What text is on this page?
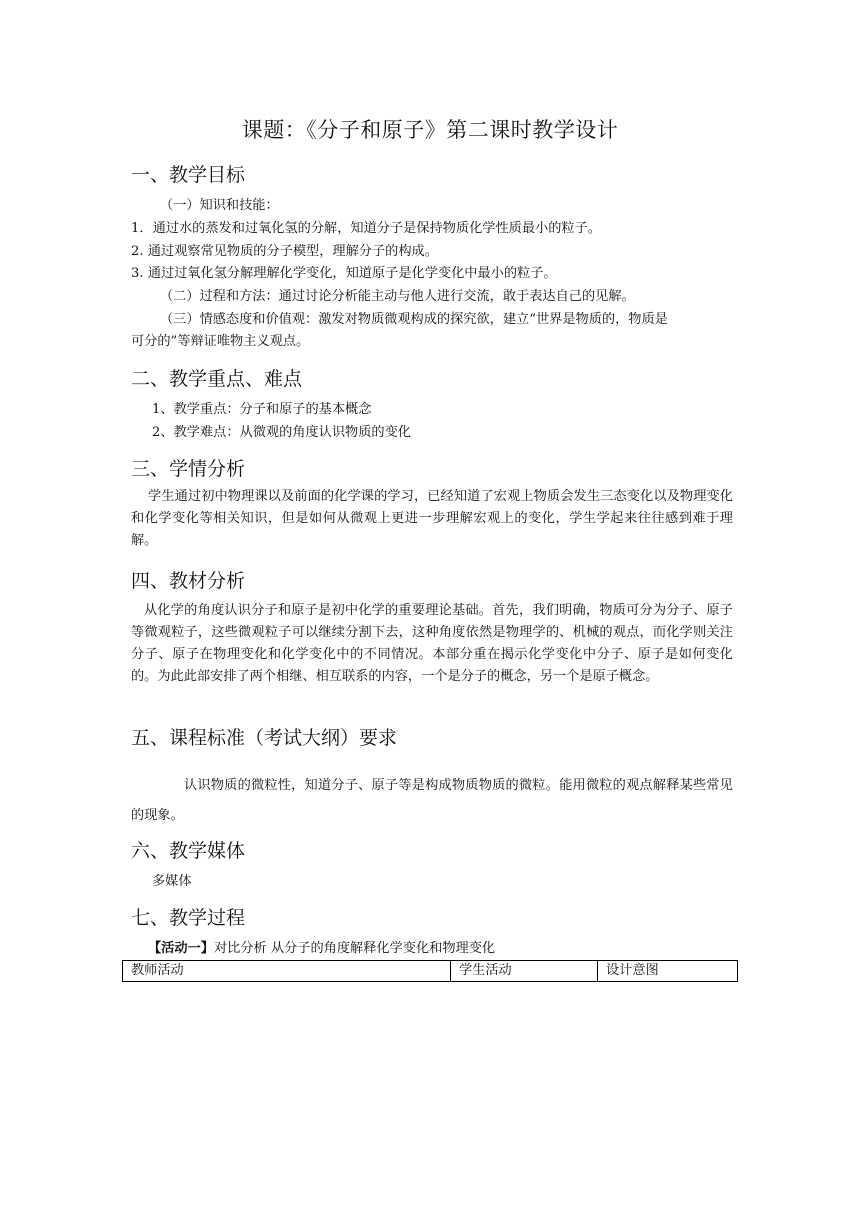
课题：《分子和原子》第二课时教学设计
一、教学目标
（一）知识和技能：
1．通过水的蒸发和过氧化氢的分解，知道分子是保持物质化学性质最小的粒子。
2. 通过观察常见物质的分子模型，理解分子的构成。
3. 通过过氧化氢分解理解化学变化，知道原子是化学变化中最小的粒子。
（二）过程和方法：通过讨论分析能主动与他人进行交流，敢于表达自己的见解。
（三）情感态度和价值观：激发对物质微观构成的探究欲，建立“世界是物质的，物质是
可分的”等辩证唯物主义观点。
二、教学重点、难点
1、教学重点：分子和原子的基本概念
2、教学难点：从微观的角度认识物质的变化
三、学情分析
学生通过初中物理课以及前面的化学课的学习，已经知道了宏观上物质会发生三态变化以及物理变化和化学变化等相关知识，但是如何从微观上更进一步理解宏观上的变化，学生学起来往往感到难于理解。
四、教材分析
从化学的角度认识分子和原子是初中化学的重要理论基础。首先，我们明确，物质可分为分子、原子等微观粒子，这些微观粒子可以继续分割下去，这种角度依然是物理学的、机械的观点，而化学则关注分子、原子在物理变化和化学变化中的不同情况。本部分重在揭示化学变化中分子、原子是如何变化的。为此此部安排了两个相继、相互联系的内容，一个是分子的概念，另一个是原子概念。
五、课程标准（考试大纲）要求
认识物质的微粒性，知道分子、原子等是构成物质物质的微粒。能用微粒的观点解释某些常见的现象。
六、教学媒体
多媒体
七、教学过程
【活动一】对比分析 从分子的角度解释化学变化和物理变化
教师活动	学生活动	设计意图
